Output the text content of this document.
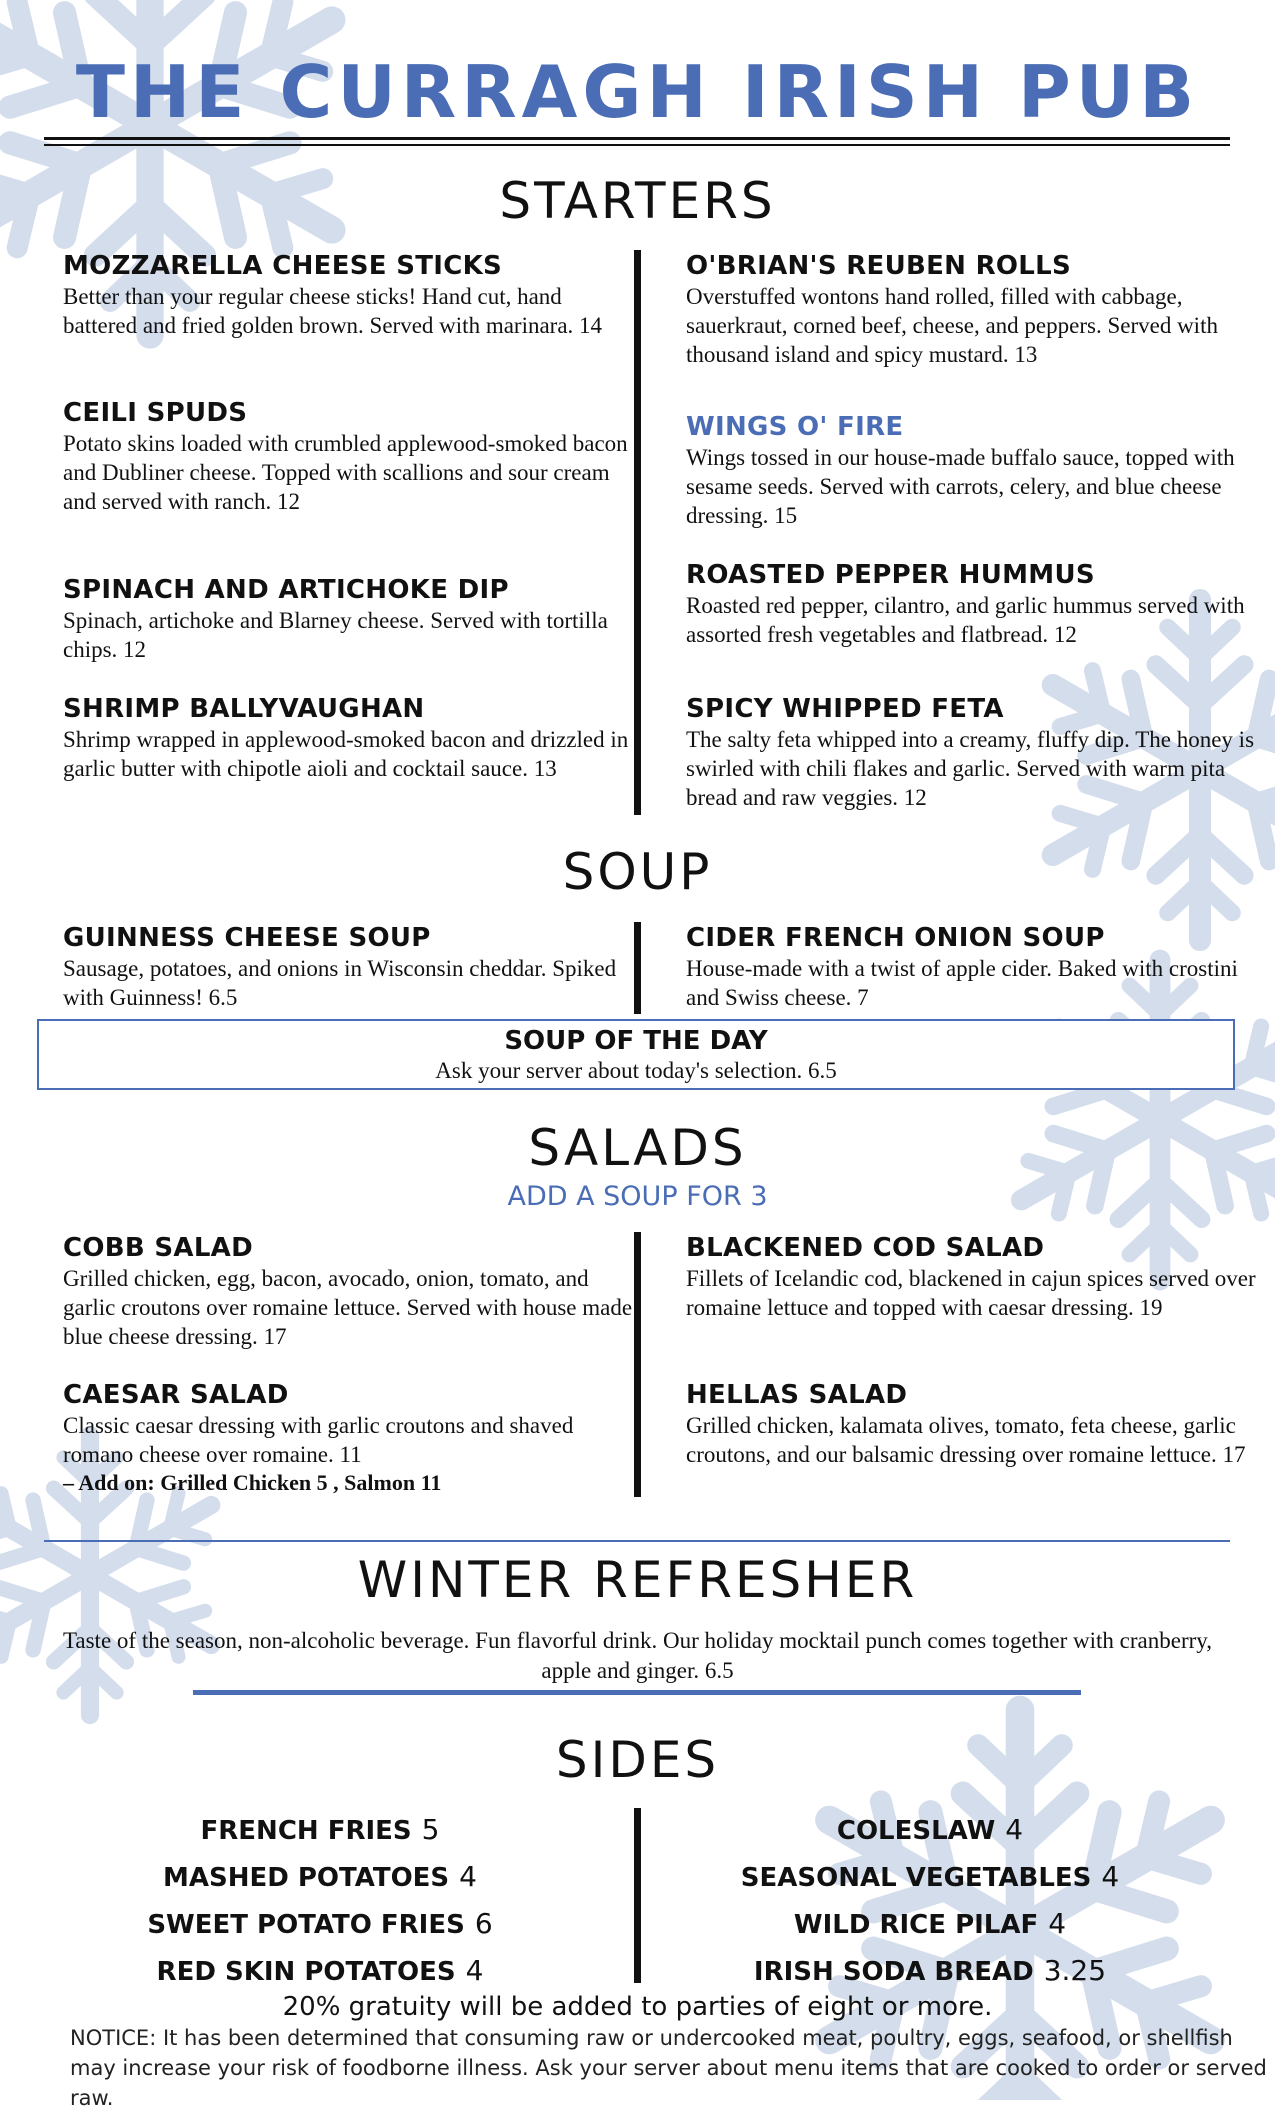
THE CURRAGH IRISH PUB
STARTERS
MOZZARELLA CHEESE STICKS

Better than your regular cheese sticks! Hand cut, hand battered and fried golden brown. Served with marinara. 14

CEILI SPUDS

Potato skins loaded with crumbled applewood-smoked bacon and Dubliner cheese. Topped with scallions and sour cream and served with ranch. 12

SPINACH AND ARTICHOKE DIP

Spinach, artichoke and Blarney cheese. Served with tortilla chips. 12

SHRIMP BALLYVAUGHAN

Shrimp wrapped in applewood-smoked bacon and drizzled in garlic butter with chipotle aioli and cocktail sauce. 13

O'BRIAN'S REUBEN ROLLS

Overstuffed wontons hand rolled, filled with cabbage, sauerkraut, corned beef, cheese, and peppers. Served with thousand island and spicy mustard. 13

WINGS O' FIRE

Wings tossed in our house-made buffalo sauce, topped with sesame seeds. Served with carrots, celery, and blue cheese dressing. 15

ROASTED PEPPER HUMMUS

Roasted red pepper, cilantro, and garlic hummus served with assorted fresh vegetables and flatbread. 12

SPICY WHIPPED FETA

The salty feta whipped into a creamy, fluffy dip. The honey is swirled with chili flakes and garlic. Served with warm pita bread and raw veggies. 12

SOUP
GUINNESS CHEESE SOUP

Sausage, potatoes, and onions in Wisconsin cheddar. Spiked with Guinness! 6.5

CIDER FRENCH ONION SOUP

House-made with a twist of apple cider. Baked with crostini and Swiss cheese. 7

SOUP OF THE DAY

Ask your server about today's selection. 6.5

SALADS
ADD A SOUP FOR 3
COBB SALAD

Grilled chicken, egg, bacon, avocado, onion, tomato, and garlic croutons over romaine lettuce. Served with house made blue cheese dressing. 17

CAESAR SALAD

Classic caesar dressing with garlic croutons and shaved romano cheese over romaine. 11
– Add on: Grilled Chicken 5 , Salmon 11

BLACKENED COD SALAD

Fillets of Icelandic cod, blackened in cajun spices served over romaine lettuce and topped with caesar dressing. 19

HELLAS SALAD

Grilled chicken, kalamata olives, tomato, feta cheese, garlic croutons, and our balsamic dressing over romaine lettuce. 17

WINTER REFRESHER

Taste of the season, non-alcoholic beverage. Fun flavorful drink. Our holiday mocktail punch comes together with cranberry, apple and ginger. 6.5

SIDES
FRENCH FRIES 5
MASHED POTATOES 4
SWEET POTATO FRIES 6
RED SKIN POTATOES 4
COLESLAW 4
SEASONAL VEGETABLES 4
WILD RICE PILAF 4
IRISH SODA BREAD 3.25

20% gratuity will be added to parties of eight or more.

NOTICE: It has been determined that consuming raw or undercooked meat, poultry, eggs, seafood, or shellfish may increase your risk of foodborne illness. Ask your server about menu items that are cooked to order or served raw.
